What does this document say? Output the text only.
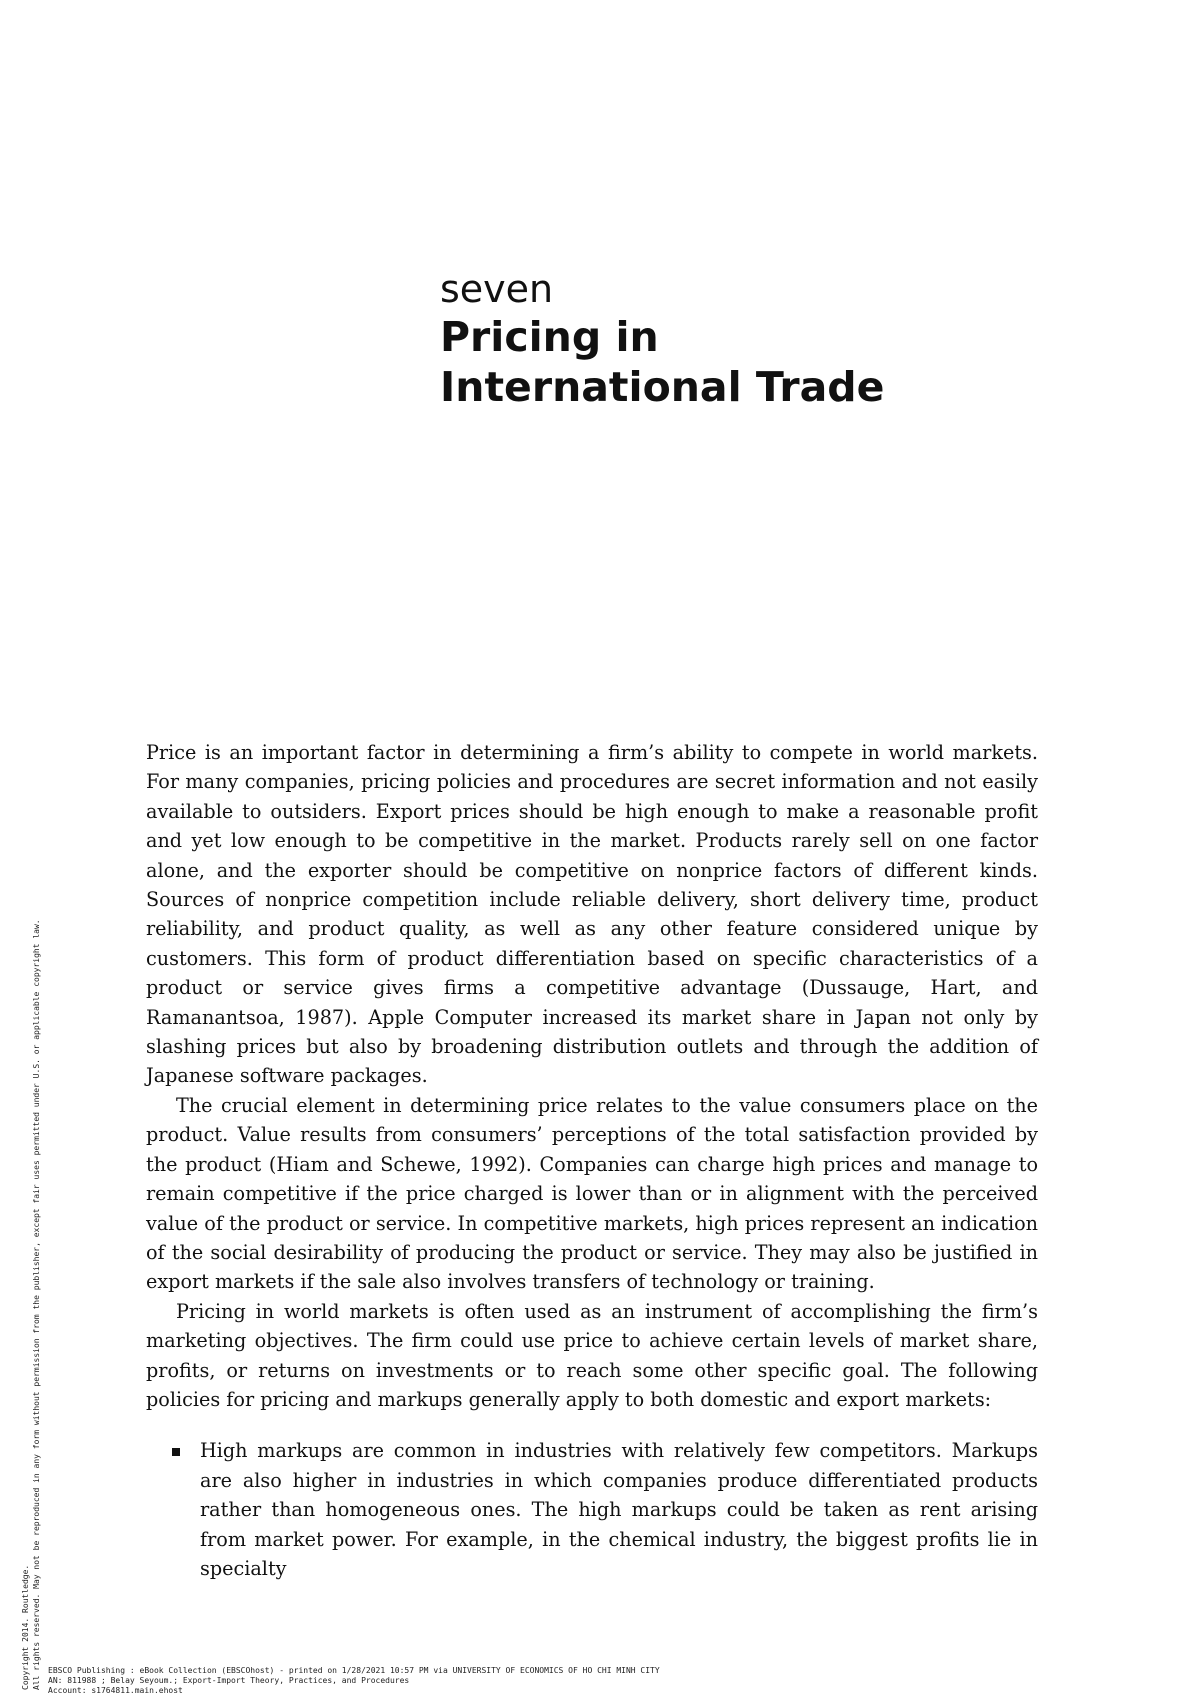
seven
Pricing in
International Trade

Price is an important factor in determining a firm’s ability to compete in world markets. For many companies, pricing policies and procedures are secret information and not easily available to outsiders. Export prices should be high enough to make a reasonable profit and yet low enough to be competitive in the market. Products rarely sell on one factor alone, and the exporter should be competitive on nonprice factors of different kinds. Sources of nonprice competition include reliable delivery, short delivery time, product reliability, and product quality, as well as any other feature considered unique by customers. This form of product differentiation based on specific characteristics of a product or service gives firms a competitive advantage (Dussauge, Hart, and Ramanantsoa, 1987). Apple Computer increased its market share in Japan not only by slashing prices but also by broadening distribution outlets and through the addition of Japanese software packages.

The crucial element in determining price relates to the value consumers place on the product. Value results from consumers’ perceptions of the total satisfaction provided by the product (Hiam and Schewe, 1992). Companies can charge high prices and manage to remain competitive if the price charged is lower than or in alignment with the perceived value of the product or service. In competitive markets, high prices represent an indication of the social desirability of producing the product or service. They may also be justified in export markets if the sale also involves transfers of technology or training.

Pricing in world markets is often used as an instrument of accomplishing the firm’s marketing objectives. The firm could use price to achieve certain levels of market share, profits, or returns on investments or to reach some other specific goal. The following policies for pricing and markups generally apply to both domestic and export markets:

High markups are common in industries with relatively few competitors. Markups are also higher in industries in which companies produce differentiated products rather than homogeneous ones. The high markups could be taken as rent arising from market power. For example, in the chemical industry, the biggest profits lie in specialty
Copyright 2014. Routledge. All rights reserved. May not be reproduced in any form without permission from the publisher, except fair uses permitted under U.S. or applicable copyright law. EBSCO Publishing : eBook Collection (EBSCOhost) - printed on 1/28/2021 10:57 PM via UNIVERSITY OF ECONOMICS OF HO CHI MINH CITY
AN: 811988 ; Belay Seyoum.; Export-Import Theory, Practices, and Procedures
Account: s1764811.main.ehost
